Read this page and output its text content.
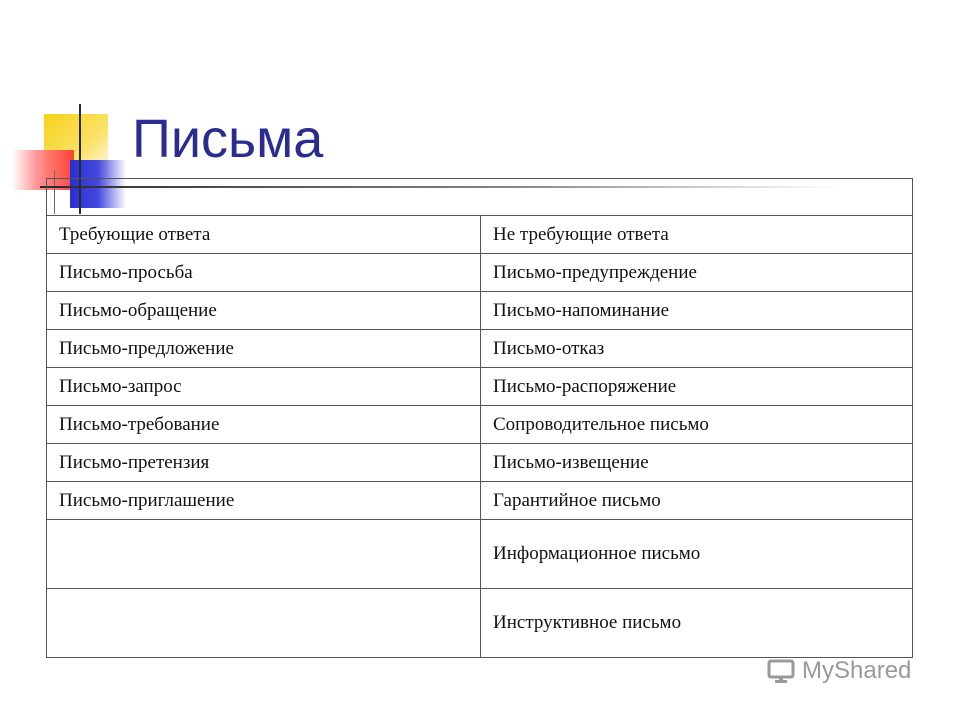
Письма

Требующие ответа	Не требующие ответа
Письмо-просьба	Письмо-предупреждение
Письмо-обращение	Письмо-напоминание
Письмо-предложение	Письмо-отказ
Письмо-запрос	Письмо-распоряжение
Письмо-требование	Сопроводительное письмо
Письмо-претензия	Письмо-извещение
Письмо-приглашение	Гарантийное письмо
	Информационное письмо
	Инструктивное письмо
MyShared
